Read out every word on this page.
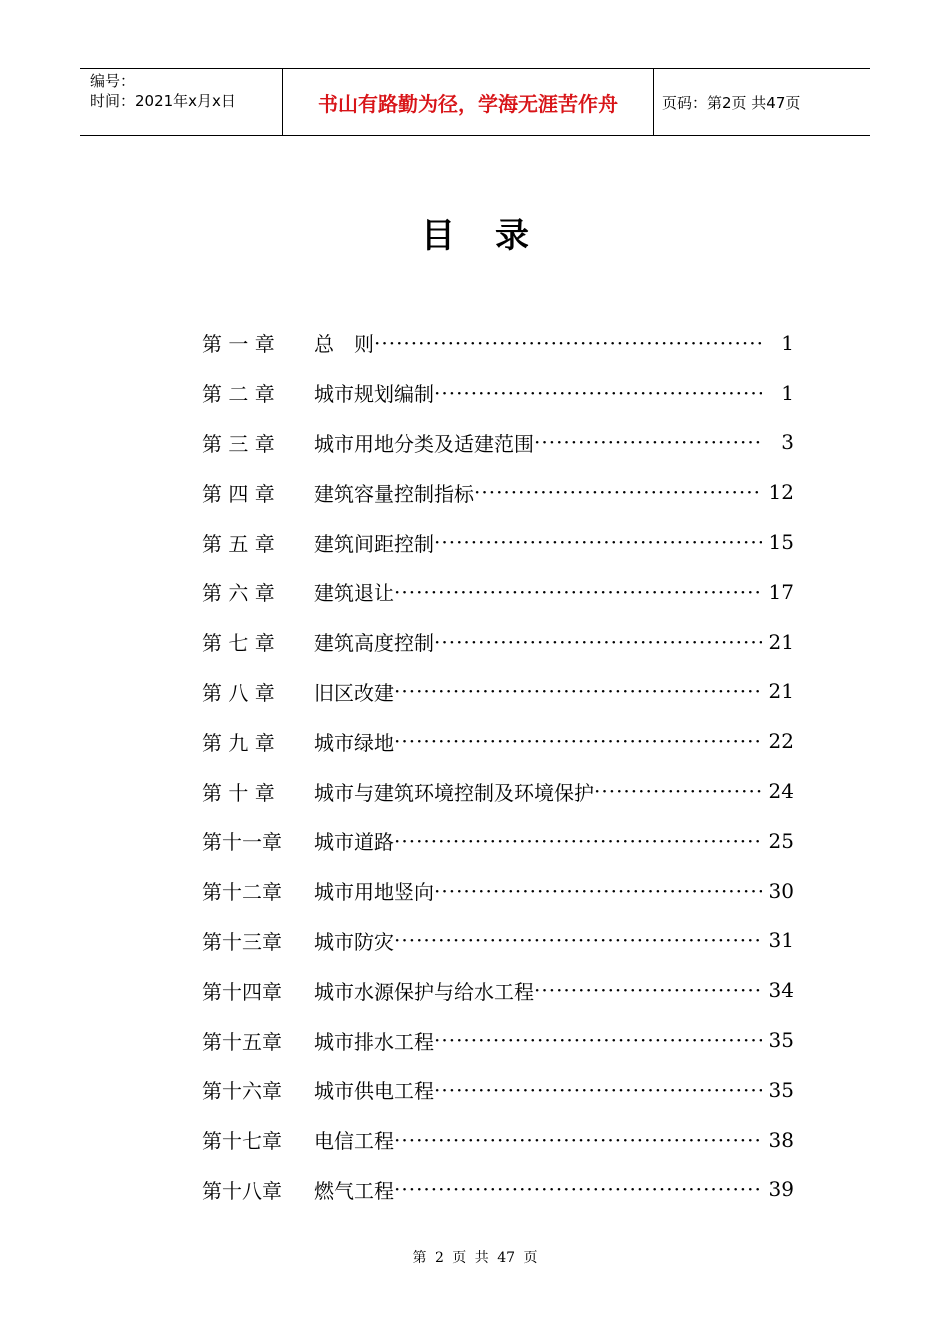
编号：
时间：2021年x月x日	书山有路勤为径，学海无涯苦作舟	页码：第2页 共47页
目录
第 一 章	总　则 ·····	1
第 二 章	城市规划编制 ·····	1
第 三 章	城市用地分类及适建范围 ·····	3
第 四 章	建筑容量控制指标 ·····	12
第 五 章	建筑间距控制 ·····	15
第 六 章	建筑退让 ·····	17
第 七 章	建筑高度控制 ·····	21
第 八 章	旧区改建 ·····	21
第 九 章	城市绿地 ·····	22
第 十 章	城市与建筑环境控制及环境保护 ·····	24
第十一章	城市道路 ·····	25
第十二章	城市用地竖向 ·····	30
第十三章	城市防灾 ·····	31
第十四章	城市水源保护与给水工程 ·····	34
第十五章	城市排水工程 ·····	35
第十六章	城市供电工程 ·····	35
第十七章	电信工程 ·····	38
第十八章	燃气工程 ·····	39
第 2 页 共 47 页
